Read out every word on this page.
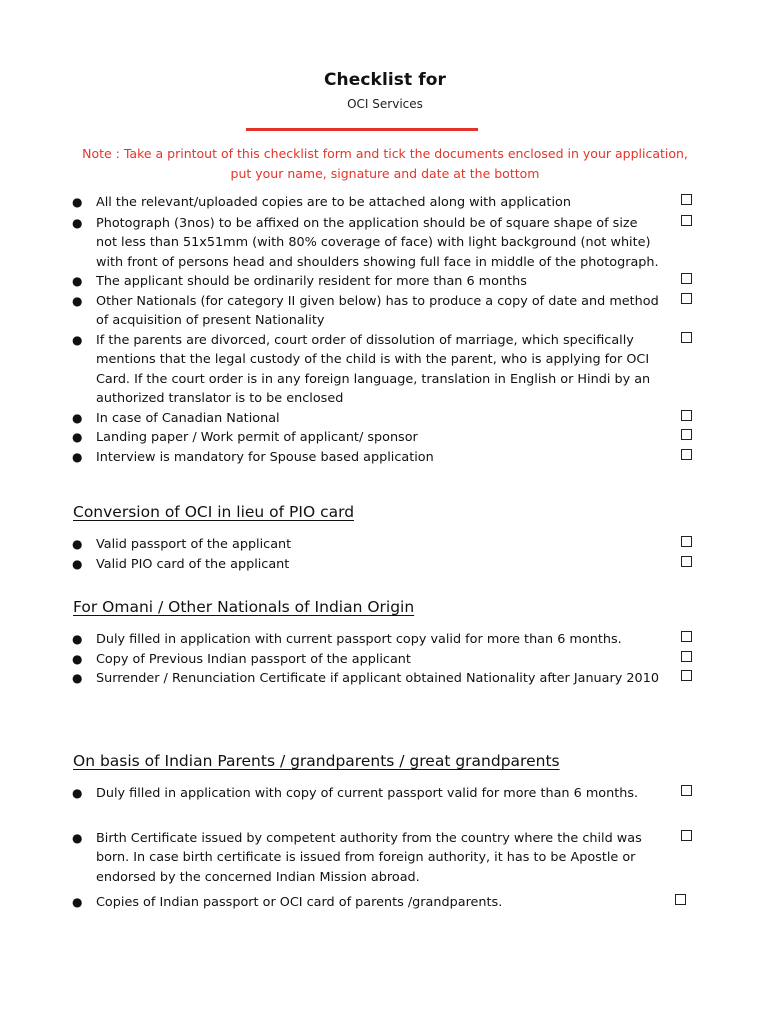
Checklist for
OCI Services
Note : Take a printout of this checklist form and tick the documents enclosed in your application,
put your name, signature and date at the bottom
● All the relevant/uploaded copies are to be attached along with application
● Photograph (3nos) to be affixed on the application should be of square shape of size not less than 51x51mm (with 80% coverage of face) with light background (not white) with front of persons head and shoulders showing full face in middle of the photograph.
● The applicant should be ordinarily resident for more than 6 months
● Other Nationals (for category II given below) has to produce a copy of date and method of acquisition of present Nationality
● If the parents are divorced, court order of dissolution of marriage, which specifically mentions that the legal custody of the child is with the parent, who is applying for OCI Card. If the court order is in any foreign language, translation in English or Hindi by an authorized translator is to be enclosed
● In case of Canadian National
● Landing paper / Work permit of applicant/ sponsor
● Interview is mandatory for Spouse based application
Conversion of OCI in lieu of PIO card
● Valid passport of the applicant
● Valid PIO card of the applicant
For Omani / Other Nationals of Indian Origin
● Duly filled in application with current passport copy valid for more than 6 months.
● Copy of Previous Indian passport of the applicant
● Surrender / Renunciation Certificate if applicant obtained Nationality after January 2010
On basis of Indian Parents / grandparents / great grandparents
● Duly filled in application with copy of current passport valid for more than 6 months.
● Birth Certificate issued by competent authority from the country where the child was born. In case birth certificate is issued from foreign authority, it has to be Apostle or endorsed by the concerned Indian Mission abroad.
● Copies of Indian passport or OCI card of parents /grandparents.
